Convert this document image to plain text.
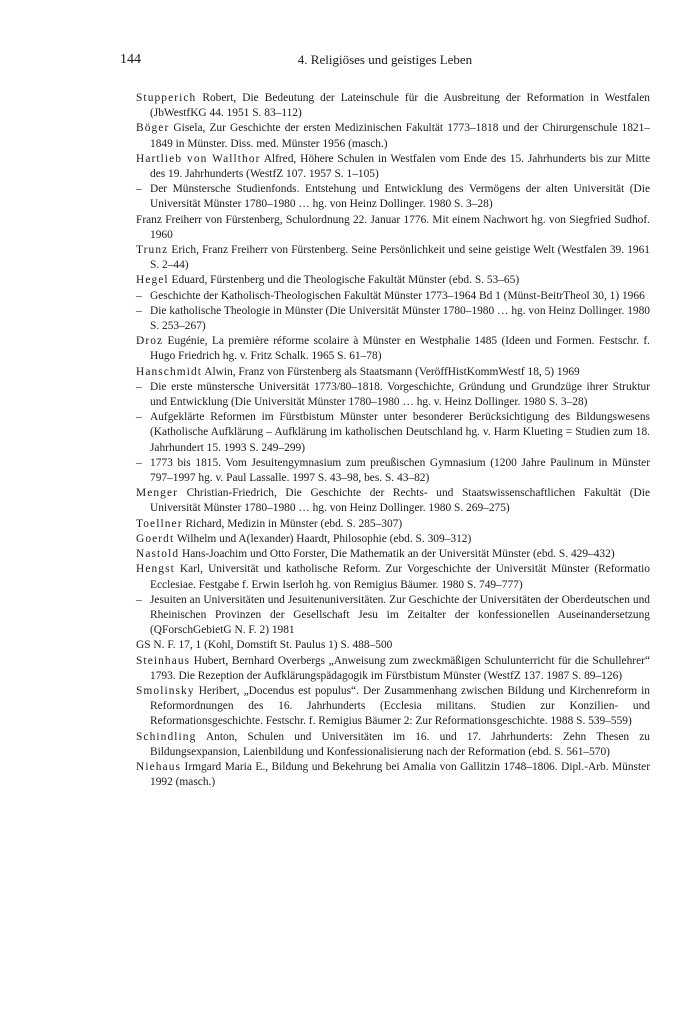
144	4. Religiöses und geistiges Leben
Stupperich Robert, Die Bedeutung der Lateinschule für die Ausbreitung der Reformation in Westfalen (JbWestfKG 44. 1951 S. 83–112)
Böger Gisela, Zur Geschichte der ersten Medizinischen Fakultät 1773–1818 und der Chirurgenschule 1821–1849 in Münster. Diss. med. Münster 1956 (masch.)
Hartlieb von Wallthor Alfred, Höhere Schulen in Westfalen vom Ende des 15. Jahrhunderts bis zur Mitte des 19. Jahrhunderts (WestfZ 107. 1957 S. 1–105)
– Der Münstersche Studienfonds. Entstehung und Entwicklung des Vermögens der alten Universität (Die Universität Münster 1780–1980 … hg. von Heinz Dollinger. 1980 S. 3–28)
Franz Freiherr von Fürstenberg, Schulordnung 22. Januar 1776. Mit einem Nachwort hg. von Siegfried Sudhof. 1960
Trunz Erich, Franz Freiherr von Fürstenberg. Seine Persönlichkeit und seine geistige Welt (Westfalen 39. 1961 S. 2–44)
Hegel Eduard, Fürstenberg und die Theologische Fakultät Münster (ebd. S. 53–65)
– Geschichte der Katholisch-Theologischen Fakultät Münster 1773–1964 Bd 1 (Münst-BeitrTheol 30, 1) 1966
– Die katholische Theologie in Münster (Die Universität Münster 1780–1980 … hg. von Heinz Dollinger. 1980 S. 253–267)
Droz Eugénie, La première réforme scolaire à Münster en Westphalie 1485 (Ideen und Formen. Festschr. f. Hugo Friedrich hg. v. Fritz Schalk. 1965 S. 61–78)
Hanschmidt Alwin, Franz von Fürstenberg als Staatsmann (VeröffHistKommWestf 18, 5) 1969
– Die erste münstersche Universität 1773/80–1818. Vorgeschichte, Gründung und Grundzüge ihrer Struktur und Entwicklung (Die Universität Münster 1780–1980 … hg. v. Heinz Dollinger. 1980 S. 3–28)
– Aufgeklärte Reformen im Fürstbistum Münster unter besonderer Berücksichtigung des Bildungswesens (Katholische Aufklärung – Aufklärung im katholischen Deutschland hg. v. Harm Klueting = Studien zum 18. Jahrhundert 15. 1993 S. 249–299)
– 1773 bis 1815. Vom Jesuitengymnasium zum preußischen Gymnasium (1200 Jahre Paulinum in Münster 797–1997 hg. v. Paul Lassalle. 1997 S. 43–98, bes. S. 43–82)
Menger Christian-Friedrich, Die Geschichte der Rechts- und Staatswissenschaftlichen Fakultät (Die Universität Münster 1780–1980 … hg. von Heinz Dollinger. 1980 S. 269–275)
Toellner Richard, Medizin in Münster (ebd. S. 285–307)
Goerdt Wilhelm und A(lexander) Haardt, Philosophie (ebd. S. 309–312)
Nastold Hans-Joachim und Otto Forster, Die Mathematik an der Universität Münster (ebd. S. 429–432)
Hengst Karl, Universität und katholische Reform. Zur Vorgeschichte der Universität Münster (Reformatio Ecclesiae. Festgabe f. Erwin Iserloh hg. von Remigius Bäumer. 1980 S. 749–777)
– Jesuiten an Universitäten und Jesuitenuniversitäten. Zur Geschichte der Universitäten der Oberdeutschen und Rheinischen Provinzen der Gesellschaft Jesu im Zeitalter der konfessionellen Auseinandersetzung (QForschGebietG N. F. 2) 1981
GS N. F. 17, 1 (Kohl, Domstift St. Paulus 1) S. 488–500
Steinhaus Hubert, Bernhard Overbergs „Anweisung zum zweckmäßigen Schulunterricht für die Schullehrer“ 1793. Die Rezeption der Aufklärungspädagogik im Fürstbistum Münster (WestfZ 137. 1987 S. 89–126)
Smolinsky Heribert, „Docendus est populus“. Der Zusammenhang zwischen Bildung und Kirchenreform in Reformordnungen des 16. Jahrhunderts (Ecclesia militans. Studien zur Konzilien- und Reformationsgeschichte. Festschr. f. Remigius Bäumer 2: Zur Reformationsgeschichte. 1988 S. 539–559)
Schindling Anton, Schulen und Universitäten im 16. und 17. Jahrhunderts: Zehn Thesen zu Bildungsexpansion, Laienbildung und Konfessionalisierung nach der Reformation (ebd. S. 561–570)
Niehaus Irmgard Maria E., Bildung und Bekehrung bei Amalia von Gallitzin 1748–1806. Dipl.-Arb. Münster 1992 (masch.)
